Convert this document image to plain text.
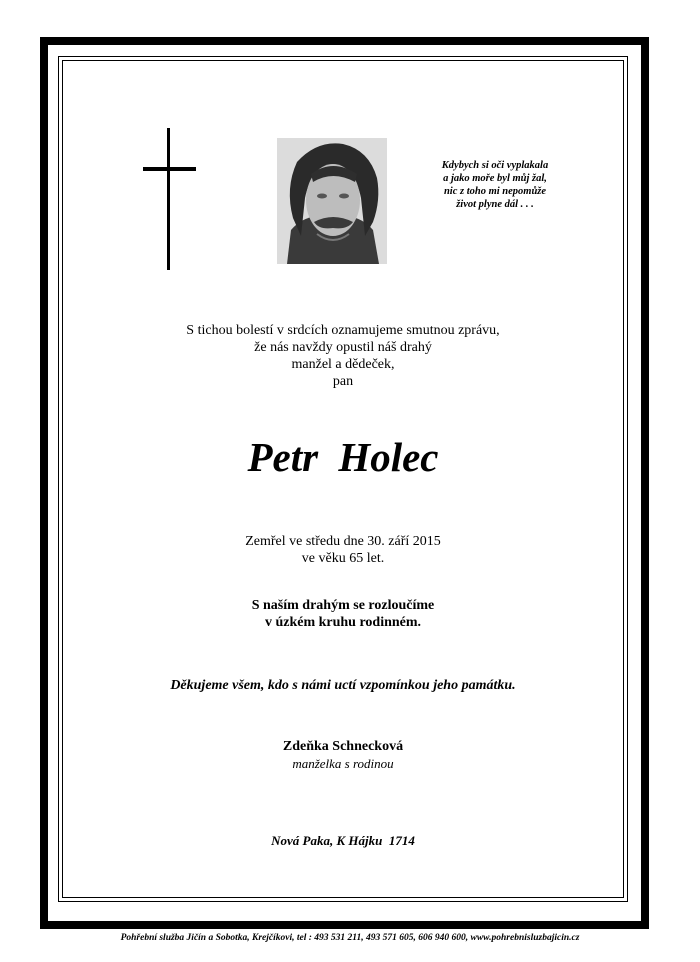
Kdybych si oči vyplakala
a jako moře byl můj žal,
nic z toho mi nepomůže
život plyne dál . . .
S tichou bolestí v srdcích oznamujeme smutnou zprávu,
že nás navždy opustil náš drahý
manžel a dědeček,
pan
Petr Holec
Zemřel ve středu dne 30. září 2015
ve věku 65 let.
S naším drahým se rozloučíme
v úzkém kruhu rodinném.
Děkujeme všem, kdo s námi uctí vzpomínkou jeho památku.
Zdeňka Schnecková
manželka s rodinou
Nová Paka, K Hájku  1714
Pohřební služba Jičín a Sobotka, Krejčíkovi, tel : 493 531 211, 493 571 605, 606 940 600, www.pohrebnisluzbajicin.cz
